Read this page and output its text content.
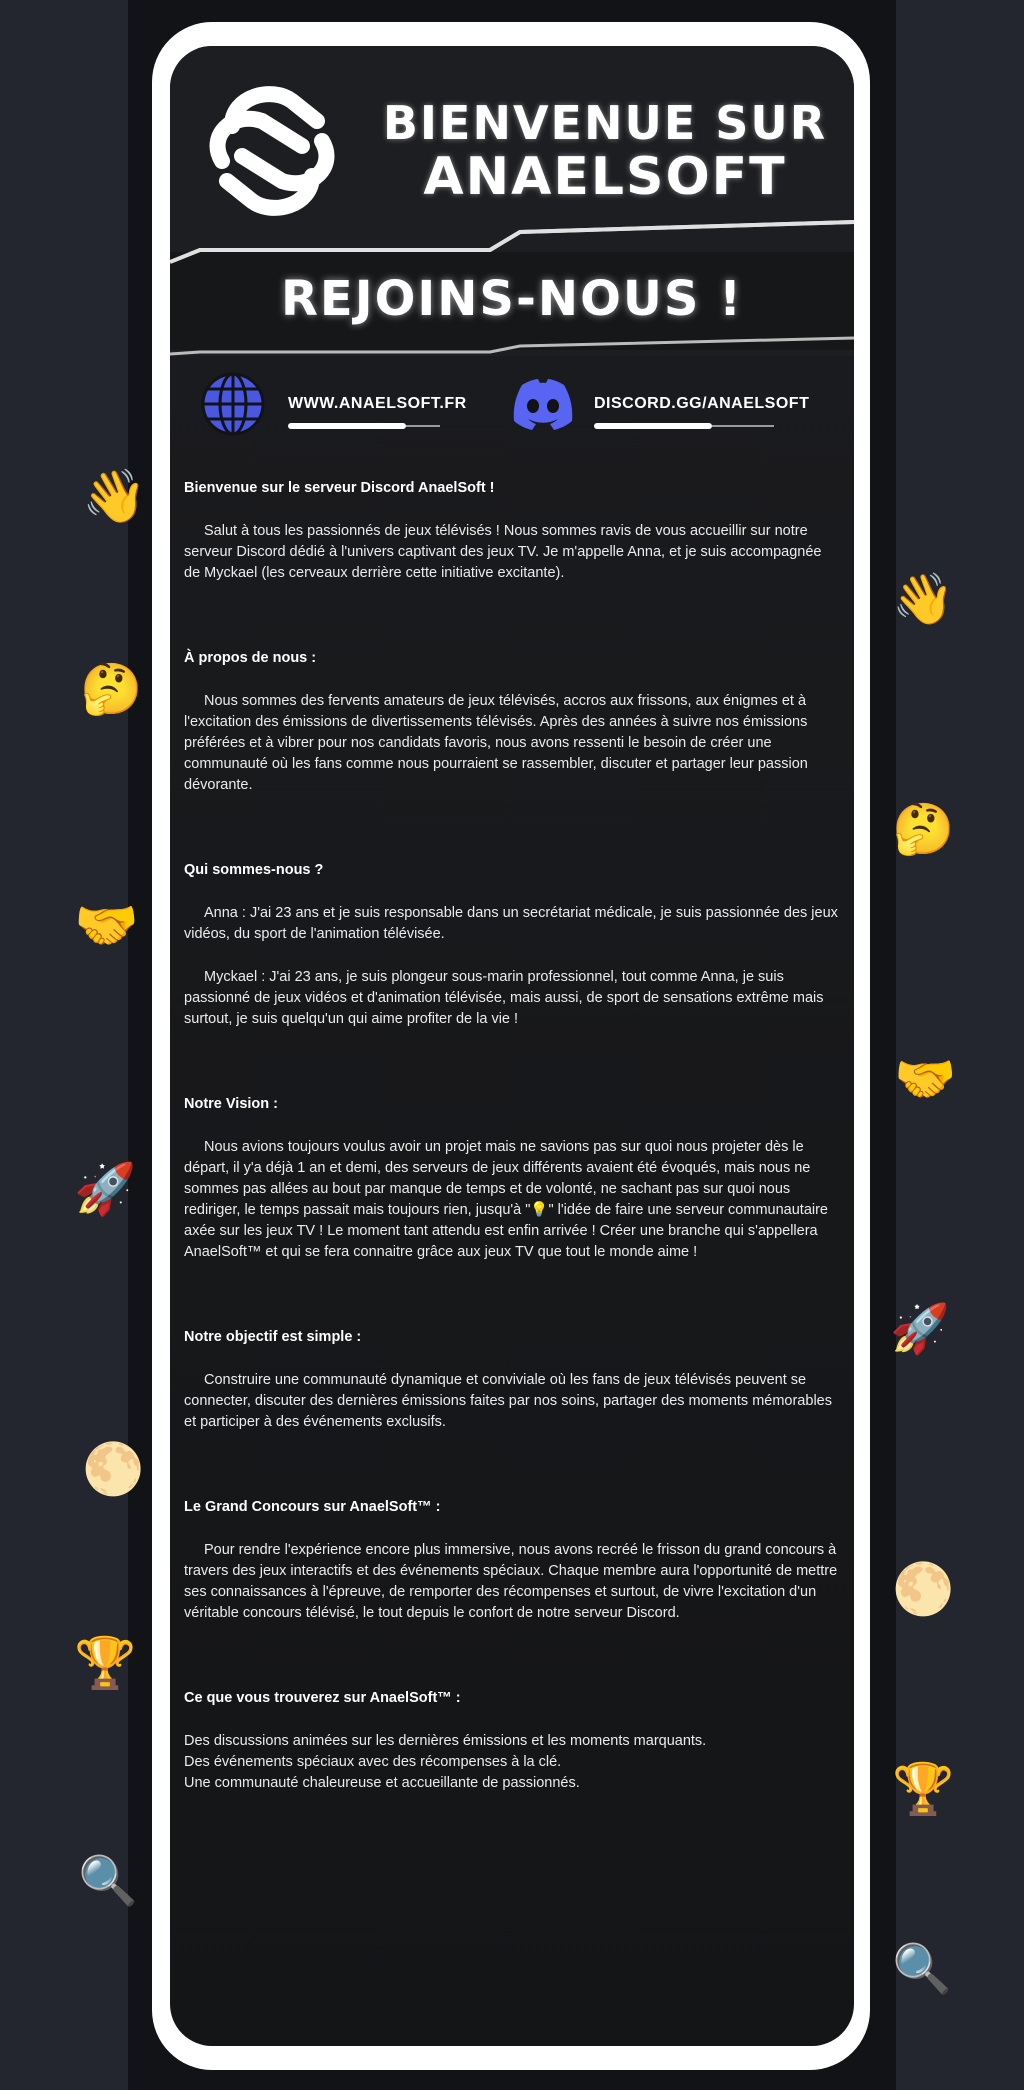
👋
🤔
🤝
🚀
🌕
🏆
🔍
👋
🤔
🤝
🚀
🌕
🏆
🔍
BIENVENUE SUR
ANAELSOFT
REJOINS-NOUS !
WWW.ANAELSOFT.FR	DISCORD.GG/ANAELSOFT
Bienvenue sur le serveur Discord AnaelSoft !

Salut à tous les passionnés de jeux télévisés ! Nous sommes ravis de vous accueillir sur notre serveur Discord dédié à l'univers captivant des jeux TV. Je m'appelle Anna, et je suis accompagnée de Myckael (les cerveaux derrière cette initiative excitante).

À propos de nous :

Nous sommes des fervents amateurs de jeux télévisés, accros aux frissons, aux énigmes et à l'excitation des émissions de divertissements télévisés. Après des années à suivre nos émissions préférées et à vibrer pour nos candidats favoris, nous avons ressenti le besoin de créer une communauté où les fans comme nous pourraient se rassembler, discuter et partager leur passion dévorante.

Qui sommes-nous ?

Anna : J'ai 23 ans et je suis responsable dans un secrétariat médicale, je suis passionnée des jeux vidéos, du sport de l'animation télévisée.

Myckael : J'ai 23 ans, je suis plongeur sous-marin professionnel, tout comme Anna, je suis passionné de jeux vidéos et d'animation télévisée, mais aussi, de sport de sensations extrême mais surtout, je suis quelqu'un qui aime profiter de la vie !

Notre Vision :

Nous avions toujours voulus avoir un projet mais ne savions pas sur quoi nous projeter dès le départ, il y'a déjà 1 an et demi, des serveurs de jeux différents avaient été évoqués, mais nous ne sommes pas allées au bout par manque de temps et de volonté, ne sachant pas sur quoi nous rediriger, le temps passait mais toujours rien, jusqu'à "💡" l'idée de faire une serveur communautaire axée sur les jeux TV ! Le moment tant attendu est enfin arrivée ! Créer une branche qui s'appellera AnaelSoft™ et qui se fera connaitre grâce aux jeux TV que tout le monde aime !

Notre objectif est simple :

Construire une communauté dynamique et conviviale où les fans de jeux télévisés peuvent se connecter, discuter des dernières émissions faites par nos soins, partager des moments mémorables et participer à des événements exclusifs.

Le Grand Concours sur AnaelSoft™ :

Pour rendre l'expérience encore plus immersive, nous avons recréé le frisson du grand concours à travers des jeux interactifs et des événements spéciaux. Chaque membre aura l'opportunité de mettre ses connaissances à l'épreuve, de remporter des récompenses et surtout, de vivre l'excitation d'un véritable concours télévisé, le tout depuis le confort de notre serveur Discord.

Ce que vous trouverez sur AnaelSoft™ :

Des discussions animées sur les dernières émissions et les moments marquants.

Des événements spéciaux avec des récompenses à la clé.

Une communauté chaleureuse et accueillante de passionnés.
